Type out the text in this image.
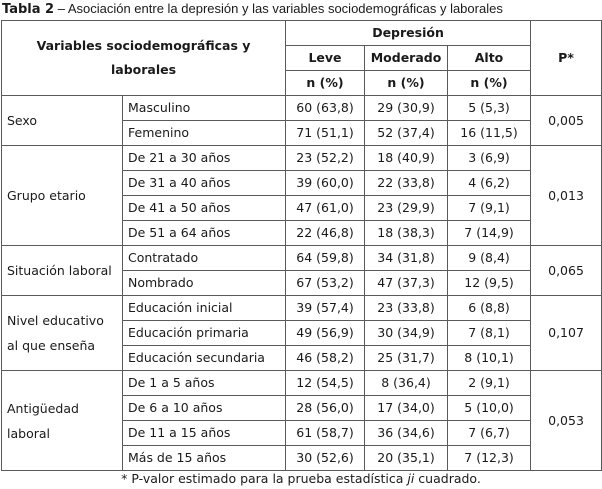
Tabla 2 – Asociación entre la depresión y las variables sociodemográficas y laborales
Variables sociodemográficas y laborales		Depresión			P*
		Leve	Moderado	Alto	
		n (%)	n (%)	n (%)	
Sexo	Masculino	60 (63,8)	29 (30,9)	5 (5,3)	0,005
	Femenino	71 (51,1)	52 (37,4)	16 (11,5)	
Grupo etario	De 21 a 30 años	23 (52,2)	18 (40,9)	3 (6,9)	0,013
	De 31 a 40 años	39 (60,0)	22 (33,8)	4 (6,2)	
	De 41 a 50 años	47 (61,0)	23 (29,9)	7 (9,1)	
	De 51 a 64 años	22 (46,8)	18 (38,3)	7 (14,9)	
Situación laboral	Contratado	64 (59,8)	34 (31,8)	9 (8,4)	0,065
	Nombrado	67 (53,2)	47 (37,3)	12 (9,5)	
Nivel educativo al que enseña	Educación inicial	39 (57,4)	23 (33,8)	6 (8,8)	0,107
	Educación primaria	49 (56,9)	30 (34,9)	7 (8,1)	
	Educación secundaria	46 (58,2)	25 (31,7)	8 (10,1)	
Antigüedad laboral	De 1 a 5 años	12 (54,5)	8 (36,4)	2 (9,1)	0,053
	De 6 a 10 años	28 (56,0)	17 (34,0)	5 (10,0)	
	De 11 a 15 años	61 (58,7)	36 (34,6)	7 (6,7)	
	Más de 15 años	30 (52,6)	20 (35,1)	7 (12,3)	
* P-valor estimado para la prueba estadística ji cuadrado.
